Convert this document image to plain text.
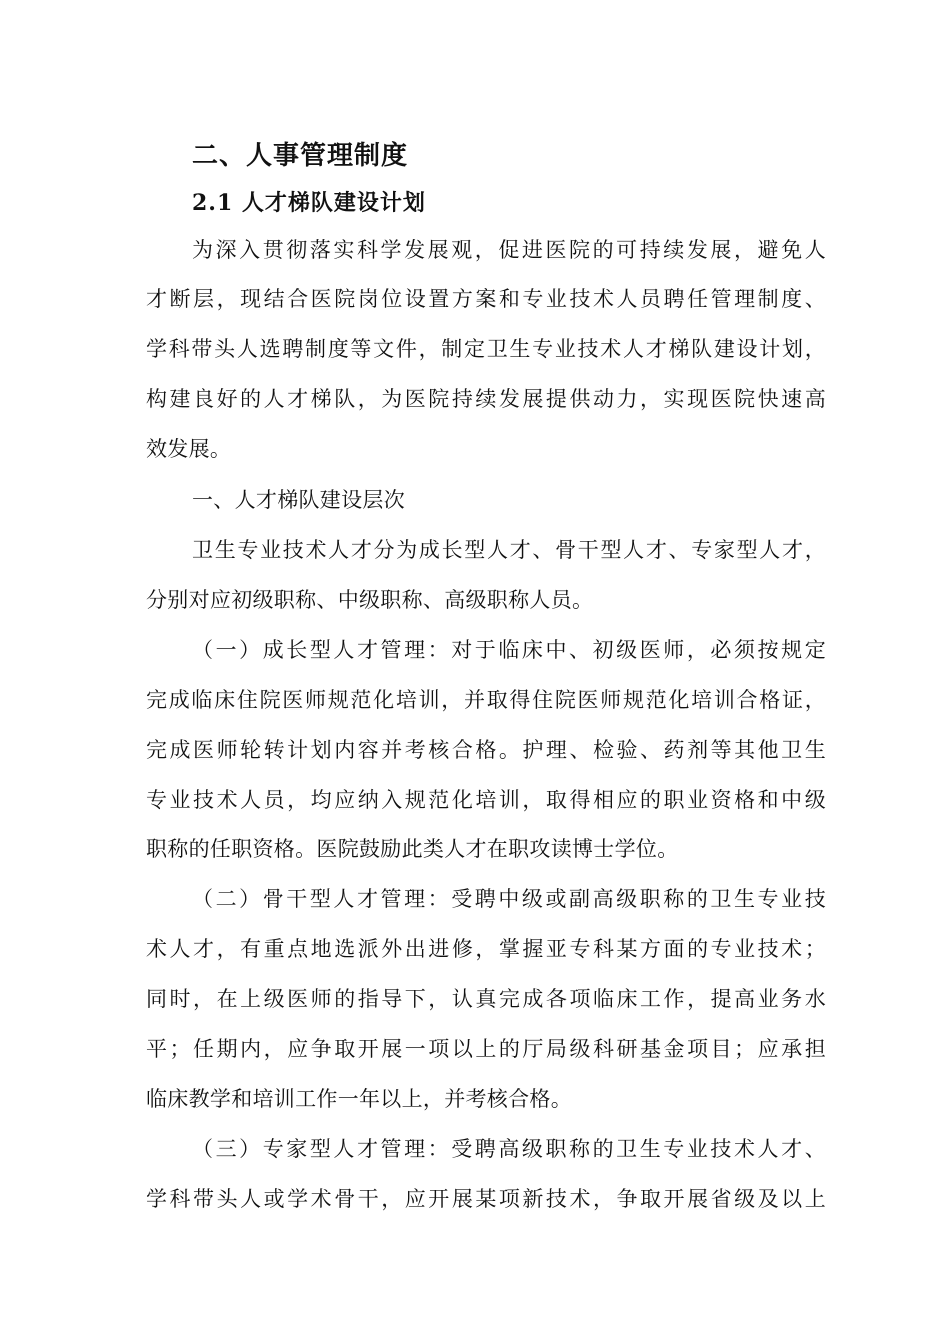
二、人事管理制度
2.1 人才梯队建设计划
为深入贯彻落实科学发展观，促进医院的可持续发展，避免人
才断层，现结合医院岗位设置方案和专业技术人员聘任管理制度、
学科带头人选聘制度等文件，制定卫生专业技术人才梯队建设计划，
构建良好的人才梯队，为医院持续发展提供动力，实现医院快速高
效发展。
一、人才梯队建设层次
卫生专业技术人才分为成长型人才、骨干型人才、专家型人才，
分别对应初级职称、中级职称、高级职称人员。
（一）成长型人才管理：对于临床中、初级医师，必须按规定
完成临床住院医师规范化培训，并取得住院医师规范化培训合格证，
完成医师轮转计划内容并考核合格。护理、检验、药剂等其他卫生
专业技术人员，均应纳入规范化培训，取得相应的职业资格和中级
职称的任职资格。医院鼓励此类人才在职攻读博士学位。
（二）骨干型人才管理：受聘中级或副高级职称的卫生专业技
术人才，有重点地选派外出进修，掌握亚专科某方面的专业技术；
同时，在上级医师的指导下，认真完成各项临床工作，提高业务水
平；任期内，应争取开展一项以上的厅局级科研基金项目；应承担
临床教学和培训工作一年以上，并考核合格。
（三）专家型人才管理：受聘高级职称的卫生专业技术人才、
学科带头人或学术骨干，应开展某项新技术，争取开展省级及以上
